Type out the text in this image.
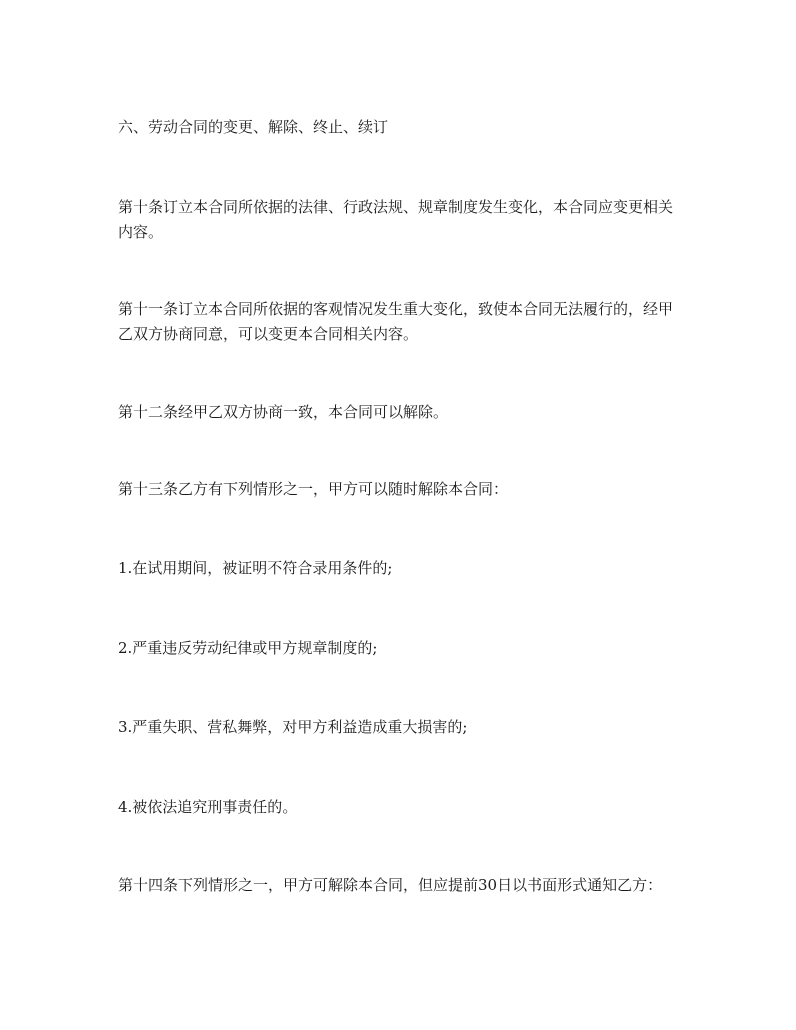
六、劳动合同的变更、解除、终止、续订

第十条订立本合同所依据的法律、行政法规、规章制度发生变化，本合同应变更相关内容。

第十一条订立本合同所依据的客观情况发生重大变化，致使本合同无法履行的，经甲乙双方协商同意，可以变更本合同相关内容。

第十二条经甲乙双方协商一致，本合同可以解除。

第十三条乙方有下列情形之一，甲方可以随时解除本合同：

1.在试用期间，被证明不符合录用条件的;

2.严重违反劳动纪律或甲方规章制度的;

3.严重失职、营私舞弊，对甲方利益造成重大损害的;

4.被依法追究刑事责任的。

第十四条下列情形之一，甲方可解除本合同，但应提前30日以书面形式通知乙方：
